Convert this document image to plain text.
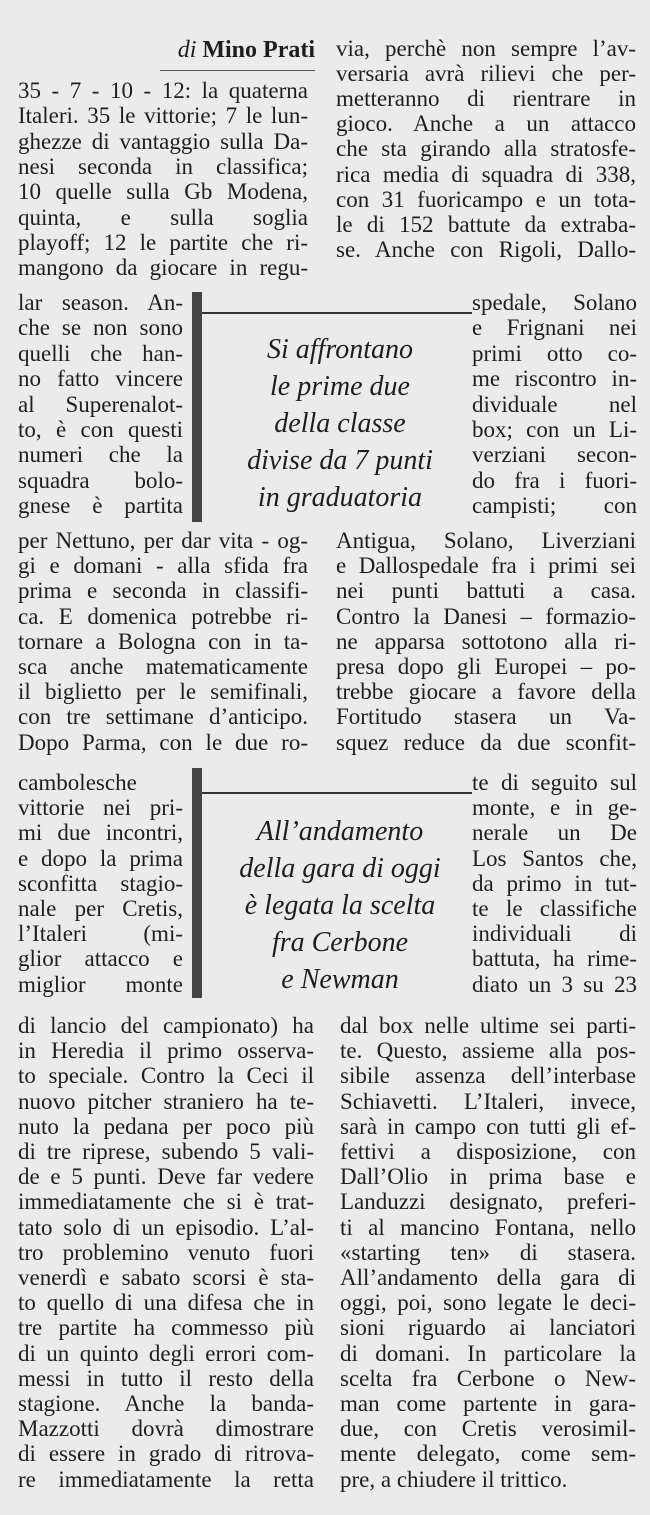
di Mino Prati
35 - 7 - 10 - 12: la quaterna
Italeri. 35 le vittorie; 7 le lun-
ghezze di vantaggio sulla Da-
nesi seconda in classifica;
10 quelle sulla Gb Modena,
quinta, e sulla soglia
playoff; 12 le partite che ri-
mangono da giocare in regu-
via, perchè non sempre l’av-
versaria avrà rilievi che per-
metteranno di rientrare in
gioco. Anche a un attacco
che sta girando alla stratosfe-
rica media di squadra di 338,
con 31 fuoricampo e un tota-
le di 152 battute da extraba-
se. Anche con Rigoli, Dallo-
lar season. An-
che se non sono
quelli che han-
no fatto vincere
al Superenalot-
to, è con questi
numeri che la
squadra bolo-
gnese è partita
spedale, Solano
e Frignani nei
primi otto co-
me riscontro in-
dividuale nel
box; con un Li-
verziani secon-
do fra i fuori-
campisti; con
per Nettuno, per dar vita - og-
gi e domani - alla sfida fra
prima e seconda in classifi-
ca. E domenica potrebbe ri-
tornare a Bologna con in ta-
sca anche matematicamente
il biglietto per le semifinali,
con tre settimane d’anticipo.
Dopo Parma, con le due ro-
Antigua, Solano, Liverziani
e Dallospedale fra i primi sei
nei punti battuti a casa.
Contro la Danesi – formazio-
ne apparsa sottotono alla ri-
presa dopo gli Europei – po-
trebbe giocare a favore della
Fortitudo stasera un Va-
squez reduce da due sconfit-
cambolesche
vittorie nei pri-
mi due incontri,
e dopo la prima
sconfitta stagio-
nale per Cretis,
l’Italeri (mi-
glior attacco e
miglior monte
te di seguito sul
monte, e in ge-
nerale un De
Los Santos che,
da primo in tut-
te le classifiche
individuali di
battuta, ha rime-
diato un 3 su 23
di lancio del campionato) ha
in Heredia il primo osserva-
to speciale. Contro la Ceci il
nuovo pitcher straniero ha te-
nuto la pedana per poco più
di tre riprese, subendo 5 vali-
de e 5 punti. Deve far vedere
immediatamente che si è trat-
tato solo di un episodio. L’al-
tro problemino venuto fuori
venerdì e sabato scorsi è sta-
to quello di una difesa che in
tre partite ha commesso più
di un quinto degli errori com-
messi in tutto il resto della
stagione. Anche la banda-
Mazzotti dovrà dimostrare
di essere in grado di ritrova-
re immediatamente la retta
dal box nelle ultime sei parti-
te. Questo, assieme alla pos-
sibile assenza dell’interbase
Schiavetti. L’Italeri, invece,
sarà in campo con tutti gli ef-
fettivi a disposizione, con
Dall’Olio in prima base e
Landuzzi designato, preferi-
ti al mancino Fontana, nello
«starting ten» di stasera.
All’andamento della gara di
oggi, poi, sono legate le deci-
sioni riguardo ai lanciatori
di domani. In particolare la
scelta fra Cerbone o New-
man come partente in gara-
due, con Cretis verosimil-
mente delegato, come sem-
pre, a chiudere il trittico.
Si affrontano
le prime due
della classe
divise da 7 punti
in graduatoria
All’andamento
della gara di oggi
è legata la scelta
fra Cerbone
e Newman
